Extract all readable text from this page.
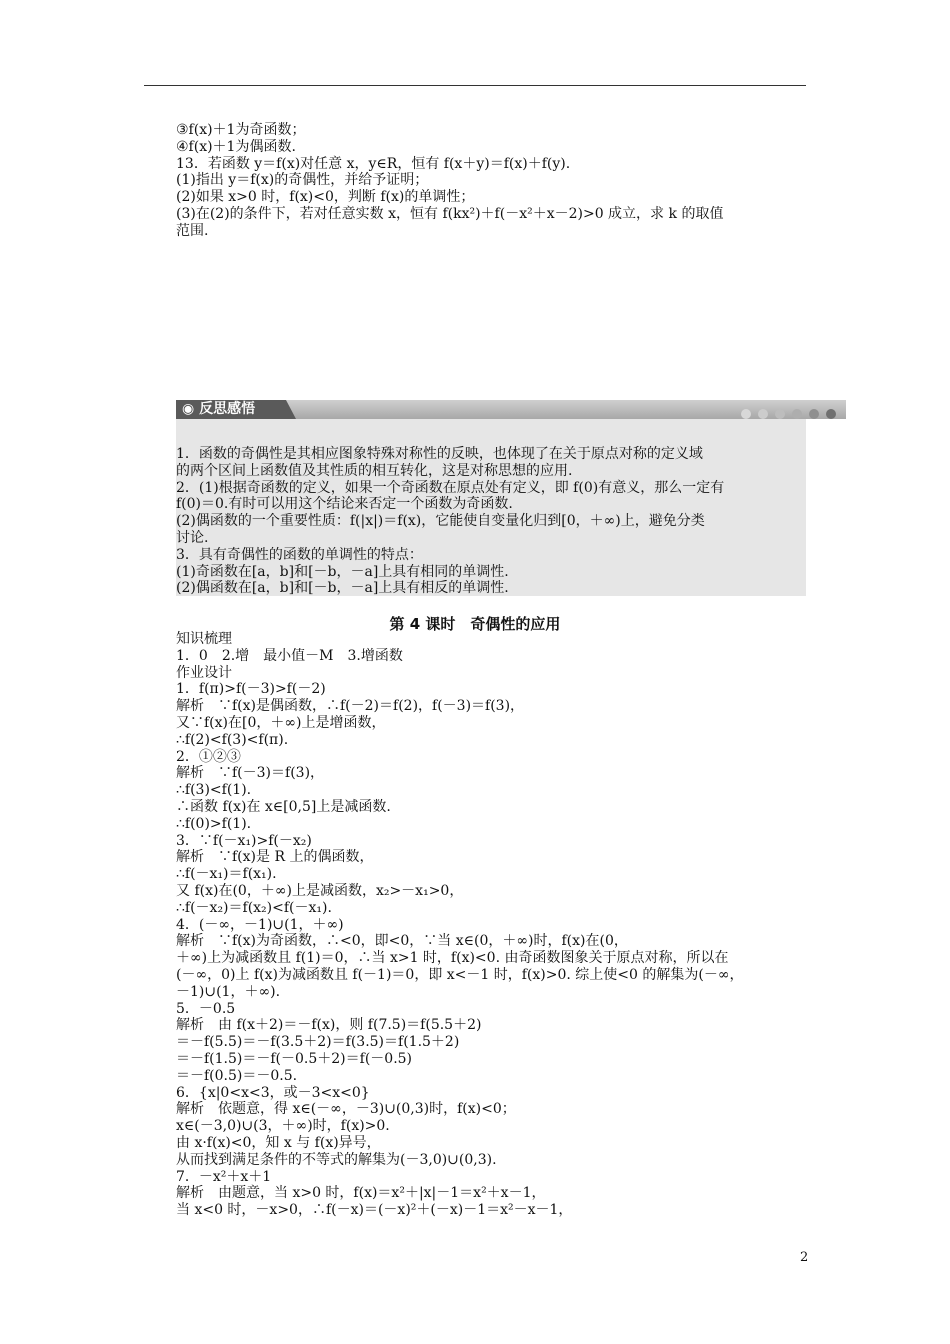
③f(x)＋1为奇函数；
④f(x)＋1为偶函数.
13．若函数 y＝f(x)对任意 x，y∈R，恒有 f(x＋y)＝f(x)＋f(y).
(1)指出 y＝f(x)的奇偶性，并给予证明；
(2)如果 x>0 时，f(x)<0，判断 f(x)的单调性；
(3)在(2)的条件下，若对任意实数 x，恒有 f(kx²)＋f(－x²＋x－2)>0 成立，求 k 的取值
范围.
◉ 反思感悟
1．函数的奇偶性是其相应图象特殊对称性的反映，也体现了在关于原点对称的定义域
的两个区间上函数值及其性质的相互转化，这是对称思想的应用.
2．(1)根据奇函数的定义，如果一个奇函数在原点处有定义，即 f(0)有意义，那么一定有
f(0)＝0.有时可以用这个结论来否定一个函数为奇函数.
(2)偶函数的一个重要性质：f(|x|)＝f(x)，它能使自变量化归到[0，＋∞)上，避免分类
讨论.
3．具有奇偶性的函数的单调性的特点：
(1)奇函数在[a，b]和[－b，－a]上具有相同的单调性.
(2)偶函数在[a，b]和[－b，－a]上具有相反的单调性.
第 4 课时　奇偶性的应用
知识梳理
1．0　2.增　最小值－M　3.增函数
作业设计
1．f(π)>f(－3)>f(－2)
解析　∵f(x)是偶函数，∴f(－2)＝f(2)，f(－3)＝f(3)，
又∵f(x)在[0，＋∞)上是增函数，
∴f(2)<f(3)<f(π).
2．①②③
解析　∵f(－3)＝f(3)，
∴f(3)<f(1).
∴函数 f(x)在 x∈[0,5]上是减函数.
∴f(0)>f(1).
3．∵f(－x₁)>f(－x₂)
解析　∵f(x)是 R 上的偶函数，
∴f(－x₁)＝f(x₁).
又 f(x)在(0，＋∞)上是减函数，x₂>－x₁>0，
∴f(－x₂)＝f(x₂)<f(－x₁).
4．(－∞，－1)∪(1，＋∞)
解析　∵f(x)为奇函数，∴<0，即<0，∵当 x∈(0，＋∞)时，f(x)在(0，
＋∞)上为减函数且 f(1)＝0，∴当 x>1 时，f(x)<0. 由奇函数图象关于原点对称，所以在
(－∞，0)上 f(x)为减函数且 f(－1)＝0，即 x<－1 时，f(x)>0. 综上使<0 的解集为(－∞，
－1)∪(1，＋∞).
5．－0.5
解析　由 f(x＋2)＝－f(x)，则 f(7.5)＝f(5.5＋2)
＝－f(5.5)＝－f(3.5＋2)＝f(3.5)＝f(1.5＋2)
＝－f(1.5)＝－f(－0.5＋2)＝f(－0.5)
＝－f(0.5)＝－0.5.
6．{x|0<x<3，或－3<x<0}
解析　依题意，得 x∈(－∞，－3)∪(0,3)时，f(x)<0；
x∈(－3,0)∪(3，＋∞)时，f(x)>0.
由 x·f(x)<0，知 x 与 f(x)异号，
从而找到满足条件的不等式的解集为(－3,0)∪(0,3).
7．－x²＋x＋1
解析　由题意，当 x>0 时，f(x)＝x²＋|x|－1＝x²＋x－1，
当 x<0 时，－x>0，∴f(－x)＝(－x)²＋(－x)－1＝x²－x－1，
2
